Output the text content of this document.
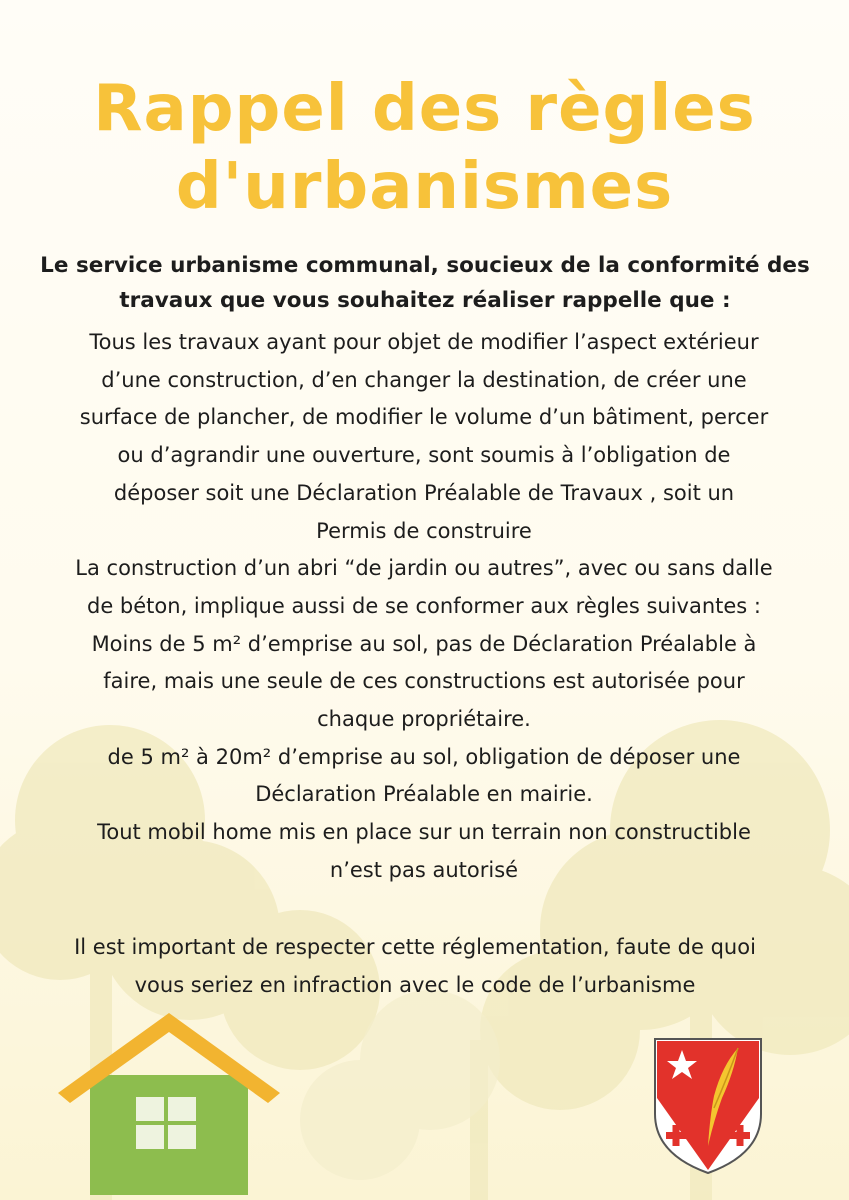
Rappel des règles
d'urbanismes
Le service urbanisme communal, soucieux de la conformité des
travaux que vous souhaitez réaliser rappelle que :
Tous les travaux ayant pour objet de modifier l’aspect extérieur
d’une construction, d’en changer la destination, de créer une
surface de plancher, de modifier le volume d’un bâtiment, percer
ou d’agrandir une ouverture, sont soumis à l’obligation de
déposer soit une Déclaration Préalable de Travaux , soit un
Permis de construire
La construction d’un abri “de jardin ou autres”, avec ou sans dalle
de béton, implique aussi de se conformer aux règles suivantes :
Moins de 5 m² d’emprise au sol, pas de Déclaration Préalable à
faire, mais une seule de ces constructions est autorisée pour
chaque propriétaire.
de 5 m² à 20m² d’emprise au sol, obligation de déposer une
Déclaration Préalable en mairie.
Tout mobil home mis en place sur un terrain non constructible
n’est pas autorisé
Il est important de respecter cette réglementation, faute de quoi
vous seriez en infraction avec le code de l’urbanisme
